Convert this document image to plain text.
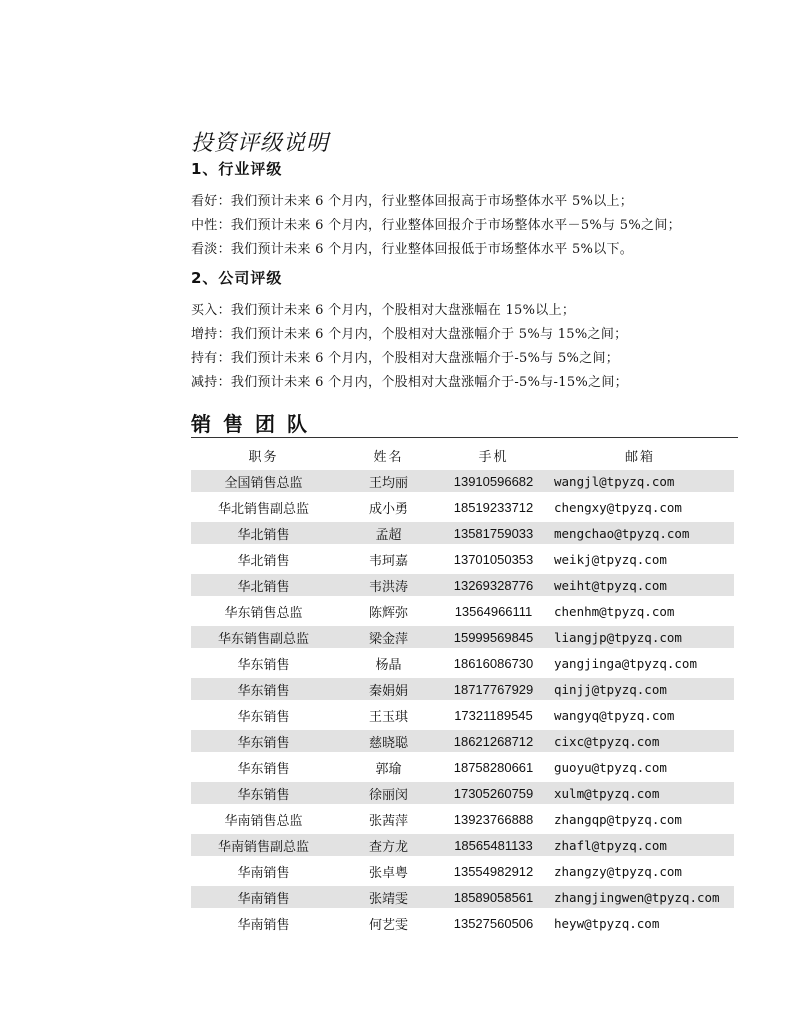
投资评级说明
1、行业评级
看好：我们预计未来 6 个月内，行业整体回报高于市场整体水平 5%以上；
中性：我们预计未来 6 个月内，行业整体回报介于市场整体水平－5%与 5%之间；
看淡：我们预计未来 6 个月内，行业整体回报低于市场整体水平 5%以下。
2、公司评级
买入：我们预计未来 6 个月内，个股相对大盘涨幅在 15%以上；
增持：我们预计未来 6 个月内，个股相对大盘涨幅介于 5%与 15%之间；
持有：我们预计未来 6 个月内，个股相对大盘涨幅介于-5%与 5%之间；
减持：我们预计未来 6 个月内，个股相对大盘涨幅介于-5%与-15%之间；
销售团队
职务	姓名	手机	邮箱
全国销售总监	王均丽	13910596682	wangjl@tpyzq.com
华北销售副总监	成小勇	18519233712	chengxy@tpyzq.com
华北销售	孟超	13581759033	mengchao@tpyzq.com
华北销售	韦珂嘉	13701050353	weikj@tpyzq.com
华北销售	韦洪涛	13269328776	weiht@tpyzq.com
华东销售总监	陈辉弥	13564966111	chenhm@tpyzq.com
华东销售副总监	梁金萍	15999569845	liangjp@tpyzq.com
华东销售	杨晶	18616086730	yangjinga@tpyzq.com
华东销售	秦娟娟	18717767929	qinjj@tpyzq.com
华东销售	王玉琪	17321189545	wangyq@tpyzq.com
华东销售	慈晓聪	18621268712	cixc@tpyzq.com
华东销售	郭瑜	18758280661	guoyu@tpyzq.com
华东销售	徐丽闵	17305260759	xulm@tpyzq.com
华南销售总监	张茜萍	13923766888	zhangqp@tpyzq.com
华南销售副总监	查方龙	18565481133	zhafl@tpyzq.com
华南销售	张卓粤	13554982912	zhangzy@tpyzq.com
华南销售	张靖雯	18589058561	zhangjingwen@tpyzq.com
华南销售	何艺雯	13527560506	heyw@tpyzq.com
